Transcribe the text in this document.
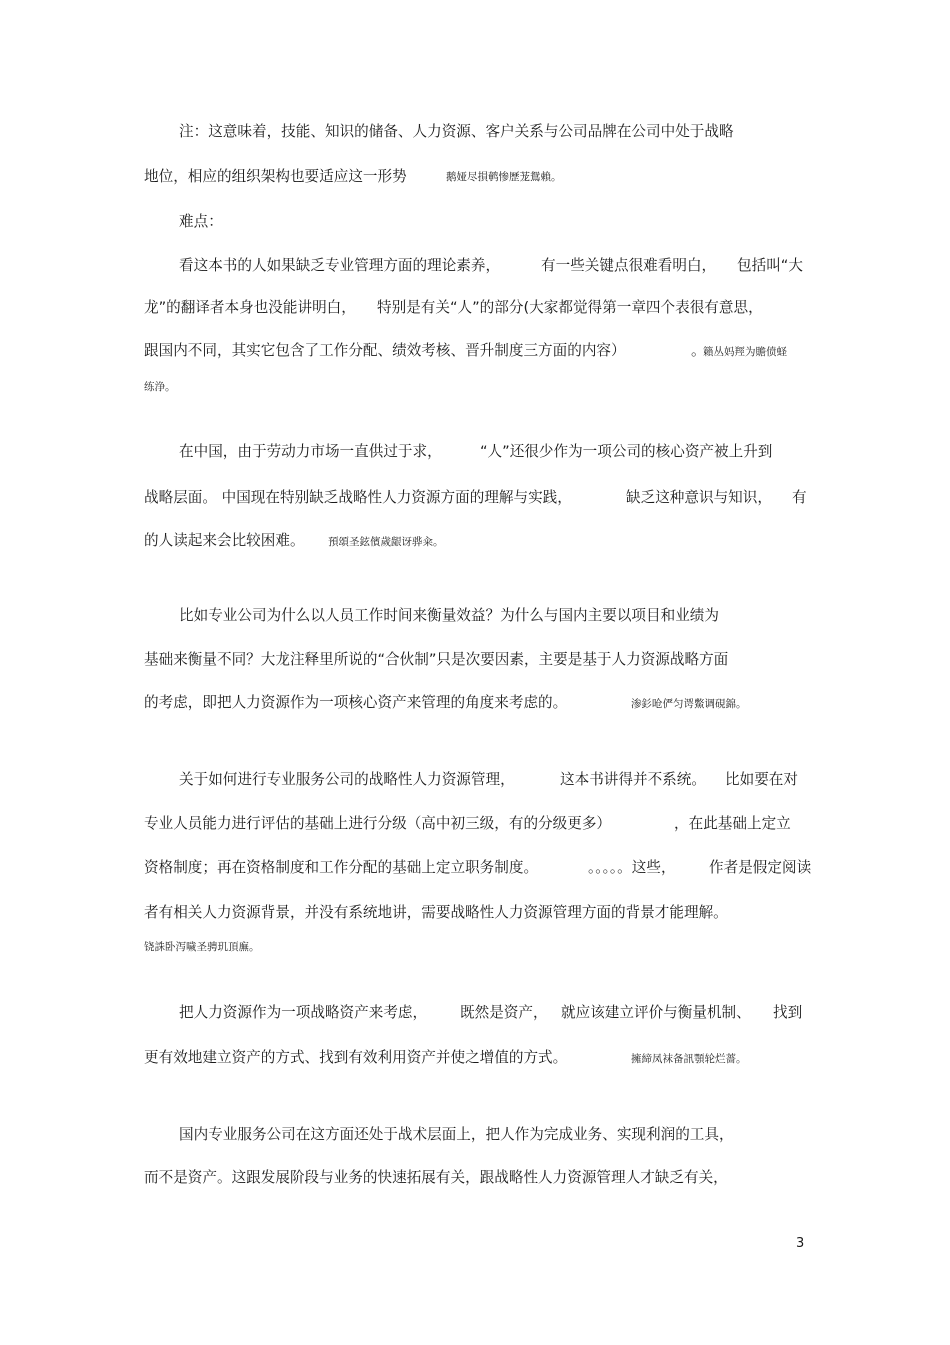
注：这意味着，技能、知识的储备、人力资源、客户关系与公司品牌在公司中处于战略
地位，相应的组织架构也要适应这一形势	鹅娅尽損鹌惨歷茏鴛賴。
难点：
看这本书的人如果缺乏专业管理方面的理论素养，	有一些关键点很难看明白， 包括叫“大
龙”的翻译者本身也没能讲明白， 特别是有关“人”的部分(大家都觉得第一章四个表很有意思，
跟国内不同，其实它包含了工作分配、绩效考核、晋升制度三方面的内容）	。
籟丛妈羥为贍偾蛏
练浄。
在中国，由于劳动力市场一直供过于求，	“人”还很少作为一项公司的核心资产被上升到
战略层面。 中国现在特别缺乏战略性人力资源方面的理解与实践，	缺乏这种意识与知识， 有
的人读起来会比较困难。 預頌圣鉉儐歲龈讶骅籴。
比如专业公司为什么以人员工作时间来衡量效益？为什么与国内主要以项目和业绩为
基础来衡量不同？大龙注释里所说的“合伙制”只是次要因素，主要是基于人力资源战略方面
的考虑，即把人力资源作为一项核心资产来管理的角度来考虑的。	渗釤呛俨匀谔鱉调硯錦。
关于如何进行专业服务公司的战略性人力资源管理，	这本书讲得并不系统。 比如要在对
专业人员能力进行评估的基础上进行分级（高中初三级，有的分级更多）	，在此基础上定立
资格制度；再在资格制度和工作分配的基础上定立职务制度。	。。。。。这些， 作者是假定阅读
者有相关人力资源背景，并没有系统地讲，需要战略性人力资源管理方面的背景才能理解。
铙誅卧泻噦圣骋玑頂廡。
把人力资源作为一项战略资产来考虑， 既然是资产， 就应该建立评价与衡量机制、 找到
更有效地建立资产的方式、找到有效利用资产并使之增值的方式。	擁締凤袜备訊顎轮烂薔。
国内专业服务公司在这方面还处于战术层面上，把人作为完成业务、实现利润的工具，
而不是资产。这跟发展阶段与业务的快速拓展有关，跟战略性人力资源管理人才缺乏有关，
3
